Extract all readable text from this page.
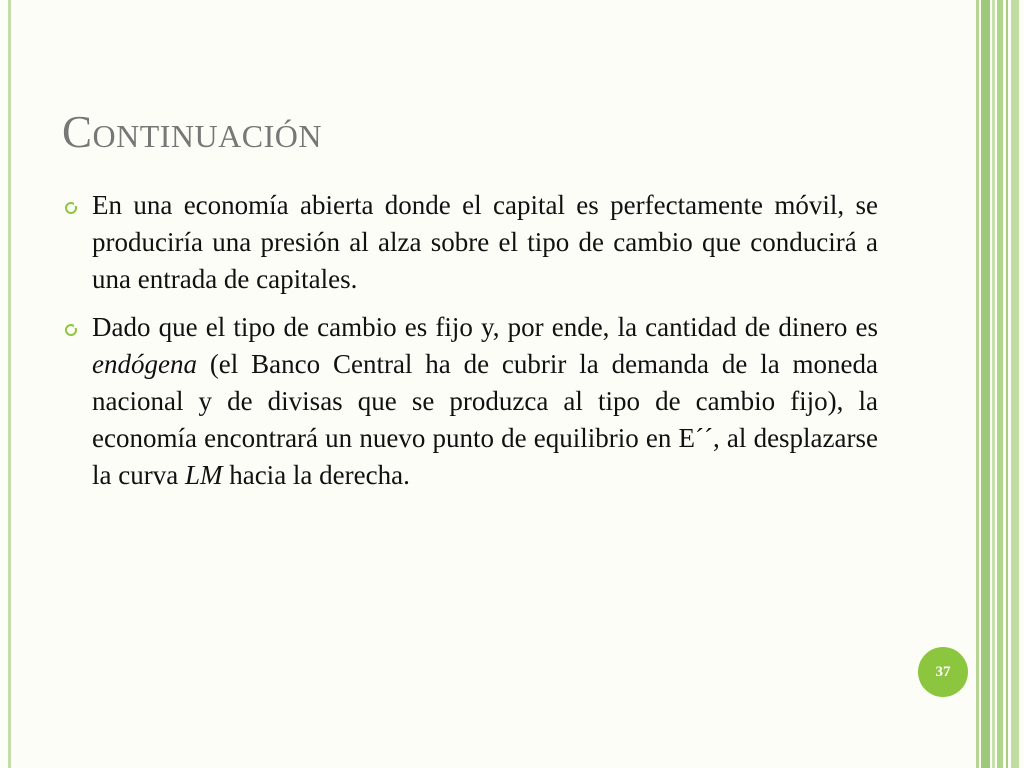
Continuación
En una economía abierta donde el capital es perfectamente móvil, se produciría una presión al alza sobre el tipo de cambio que conducirá a una entrada de capitales.
Dado que el tipo de cambio es fijo y, por ende, la cantidad de dinero es endógena (el Banco Central ha de cubrir la demanda de la moneda nacional y de divisas que se produzca al tipo de cambio fijo), la economía encontrará un nuevo punto de equilibrio en E´´, al desplazarse la curva LM hacia la derecha.
37
